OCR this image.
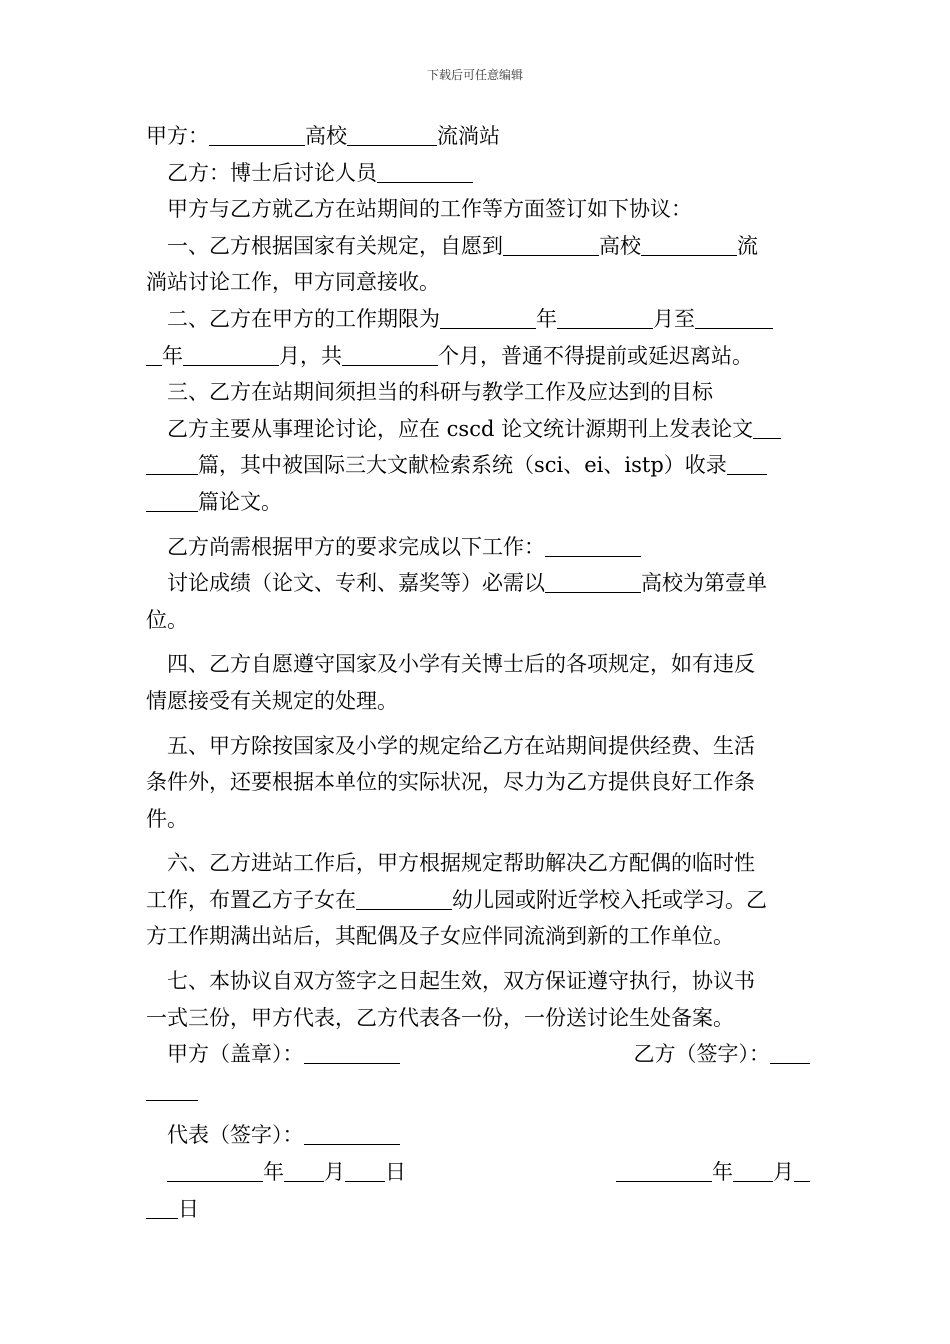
下载后可任意编辑
甲方：	高校	流淌站
乙方：博士后讨论人员
甲方与乙方就乙方在站期间的工作等方面签订如下协议：
一、乙方根据国家有关规定，自愿到	高校	流
淌站讨论工作，甲方同意接收。
二、乙方在甲方的工作期限为	年	月至
年	月，共	个月，普通不得提前或延迟离站。
三、乙方在站期间须担当的科研与教学工作及应达到的目标
乙方主要从事理论讨论，应在 cscd 论文统计源期刊上发表论文
篇，其中被国际三大文献检索系统（sci、ei、istp）收录
篇论文。
乙方尚需根据甲方的要求完成以下工作：
讨论成绩（论文、专利、嘉奖等）必需以	高校为第壹单
位。
四、乙方自愿遵守国家及小学有关博士后的各项规定，如有违反
情愿接受有关规定的处理。
五、甲方除按国家及小学的规定给乙方在站期间提供经费、生活
条件外，还要根据本单位的实际状况，尽力为乙方提供良好工作条
件。
六、乙方进站工作后，甲方根据规定帮助解决乙方配偶的临时性
工作，布置乙方子女在	幼儿园或附近学校入托或学习。乙
方工作期满出站后，其配偶及子女应伴同流淌到新的工作单位。
七、本协议自双方签字之日起生效，双方保证遵守执行，协议书
一式三份，甲方代表，乙方代表各一份，一份送讨论生处备案。
甲方（盖章）：	乙方（签字）：
代表（签字）：
年 月 日	年 月
日
